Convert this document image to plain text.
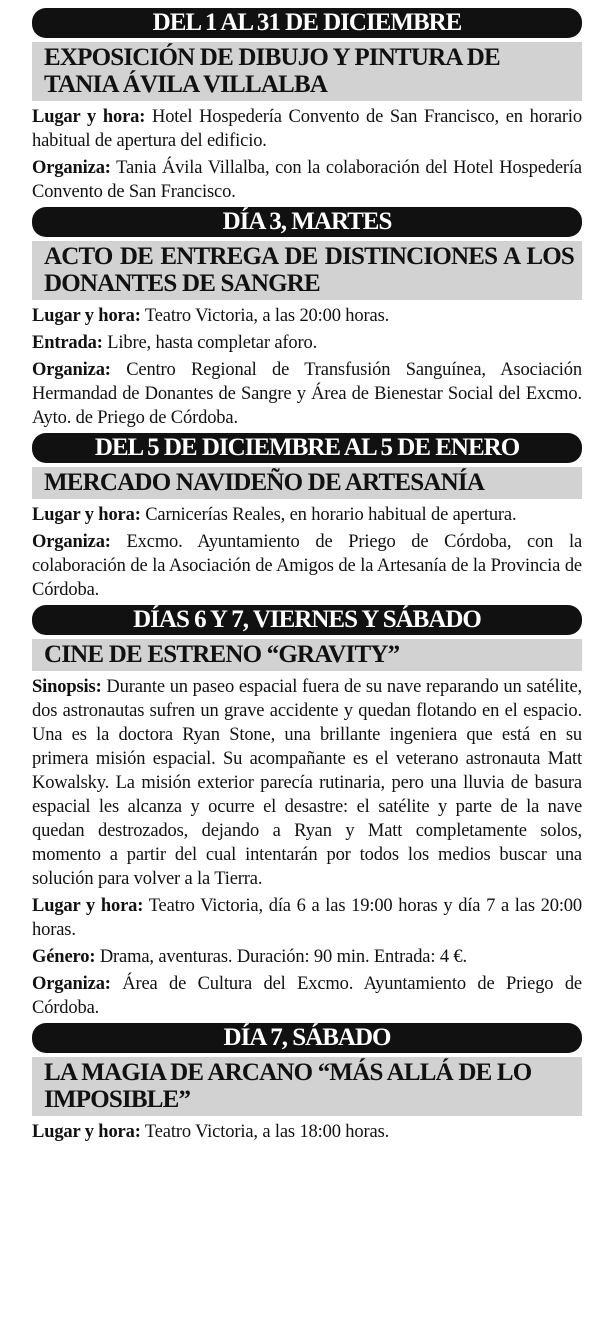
DEL 1 AL 31 DE DICIEMBRE
EXPOSICIÓN DE DIBUJO Y PINTURA DE TANIA ÁVILA VILLALBA

Lugar y hora: Hotel Hospedería Convento de San Francisco, en horario habitual de apertura del edificio.

Organiza: Tania Ávila Villalba, con la colaboración del Hotel Hospedería Convento de San Francisco.

DÍA 3, MARTES
ACTO DE ENTREGA DE DISTINCIONES A LOS DONANTES DE SANGRE

Lugar y hora: Teatro Victoria, a las 20:00 horas.

Entrada: Libre, hasta completar aforo.

Organiza: Centro Regional de Transfusión Sanguínea, Asociación Hermandad de Donantes de Sangre y Área de Bienestar Social del Excmo. Ayto. de Priego de Córdoba.

DEL 5 DE DICIEMBRE AL 5 DE ENERO
MERCADO NAVIDEÑO DE ARTESANÍA

Lugar y hora: Carnicerías Reales, en horario habitual de apertura.

Organiza: Excmo. Ayuntamiento de Priego de Córdoba, con la colaboración de la Asociación de Amigos de la Artesanía de la Provincia de Córdoba.

DÍAS 6 Y 7, VIERNES Y SÁBADO
CINE DE ESTRENO “GRAVITY”

Sinopsis: Durante un paseo espacial fuera de su nave reparando un satélite, dos astronautas sufren un grave accidente y quedan flotando en el espacio. Una es la doctora Ryan Stone, una brillante ingeniera que está en su primera misión espacial. Su acompañante es el veterano astronauta Matt Kowalsky. La misión exterior parecía rutinaria, pero una lluvia de basura espacial les alcanza y ocurre el desastre: el satélite y parte de la nave quedan destrozados, dejando a Ryan y Matt completamente solos, momento a partir del cual intentarán por todos los medios buscar una solución para volver a la Tierra.

Lugar y hora: Teatro Victoria, día 6 a las 19:00 horas y día 7 a las 20:00 horas.

Género: Drama, aventuras. Duración: 90 min. Entrada: 4 €.

Organiza: Área de Cultura del Excmo. Ayuntamiento de Priego de Córdoba.

DÍA 7, SÁBADO
LA MAGIA DE ARCANO “MÁS ALLÁ DE LO IMPOSIBLE”

Lugar y hora: Teatro Victoria, a las 18:00 horas.
